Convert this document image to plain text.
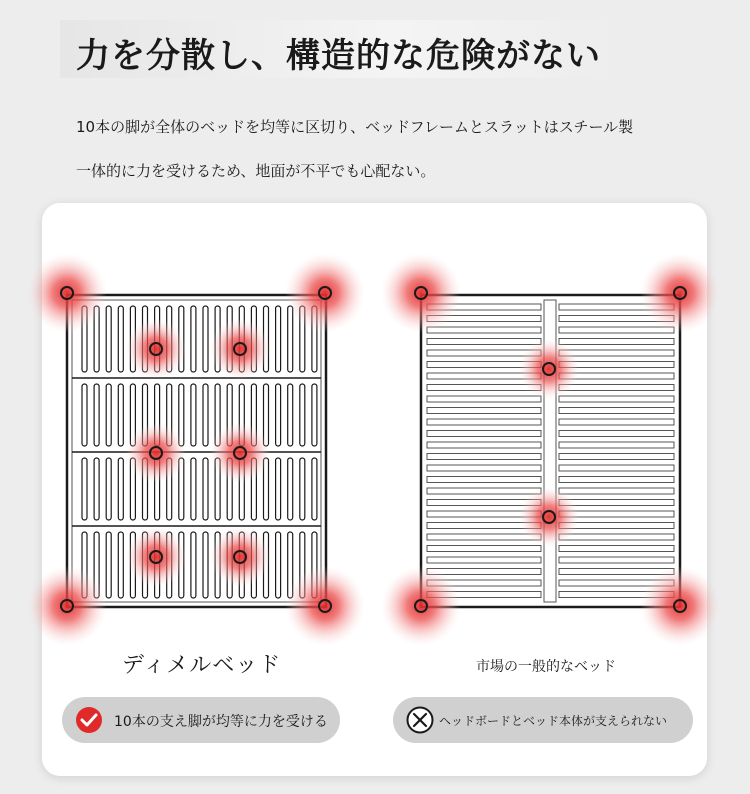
力を分散し、構造的な危険がない

10本の脚が全体のベッドを均等に区切り、ベッドフレームとスラットはスチール製

一体的に力を受けるため、地面が不平でも心配ない。

ディメルベッド	市場の一般的なベッド
10本の支え脚が均等に力を受ける	ヘッドボードとベッド本体が支えられない
